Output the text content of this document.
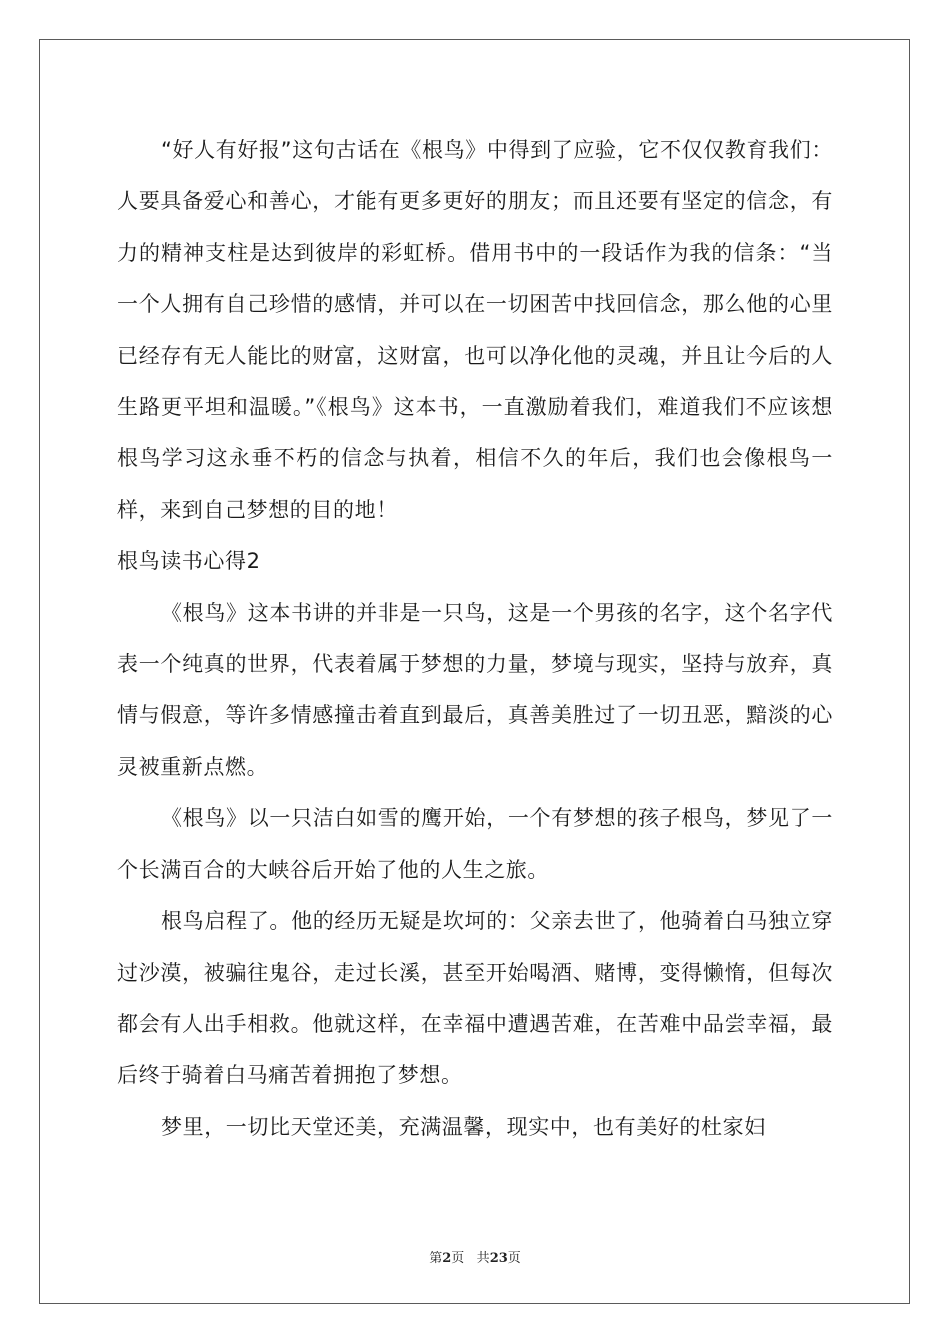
“好人有好报”这句古话在《根鸟》中得到了应验，它不仅仅教育我们：人要具备爱心和善心，才能有更多更好的朋友；而且还要有坚定的信念，有力的精神支柱是达到彼岸的彩虹桥。借用书中的一段话作为我的信条：“当一个人拥有自己珍惜的感情，并可以在一切困苦中找回信念，那么他的心里已经存有无人能比的财富，这财富，也可以净化他的灵魂，并且让今后的人生路更平坦和温暖。”《根鸟》这本书，一直激励着我们，难道我们不应该想根鸟学习这永垂不朽的信念与执着，相信不久的年后，我们也会像根鸟一样，来到自己梦想的目的地！

根鸟读书心得2

《根鸟》这本书讲的并非是一只鸟，这是一个男孩的名字，这个名字代表一个纯真的世界，代表着属于梦想的力量，梦境与现实，坚持与放弃，真情与假意，等许多情感撞击着直到最后，真善美胜过了一切丑恶，黯淡的心灵被重新点燃。

《根鸟》以一只洁白如雪的鹰开始，一个有梦想的孩子根鸟，梦见了一个长满百合的大峡谷后开始了他的人生之旅。

根鸟启程了。他的经历无疑是坎坷的：父亲去世了，他骑着白马独立穿过沙漠，被骗往鬼谷，走过长溪，甚至开始喝酒、赌博，变得懒惰，但每次都会有人出手相救。他就这样，在幸福中遭遇苦难，在苦难中品尝幸福，最后终于骑着白马痛苦着拥抱了梦想。

梦里，一切比天堂还美，充满温馨，现实中，也有美好的杜家妇

第2页 共23页
